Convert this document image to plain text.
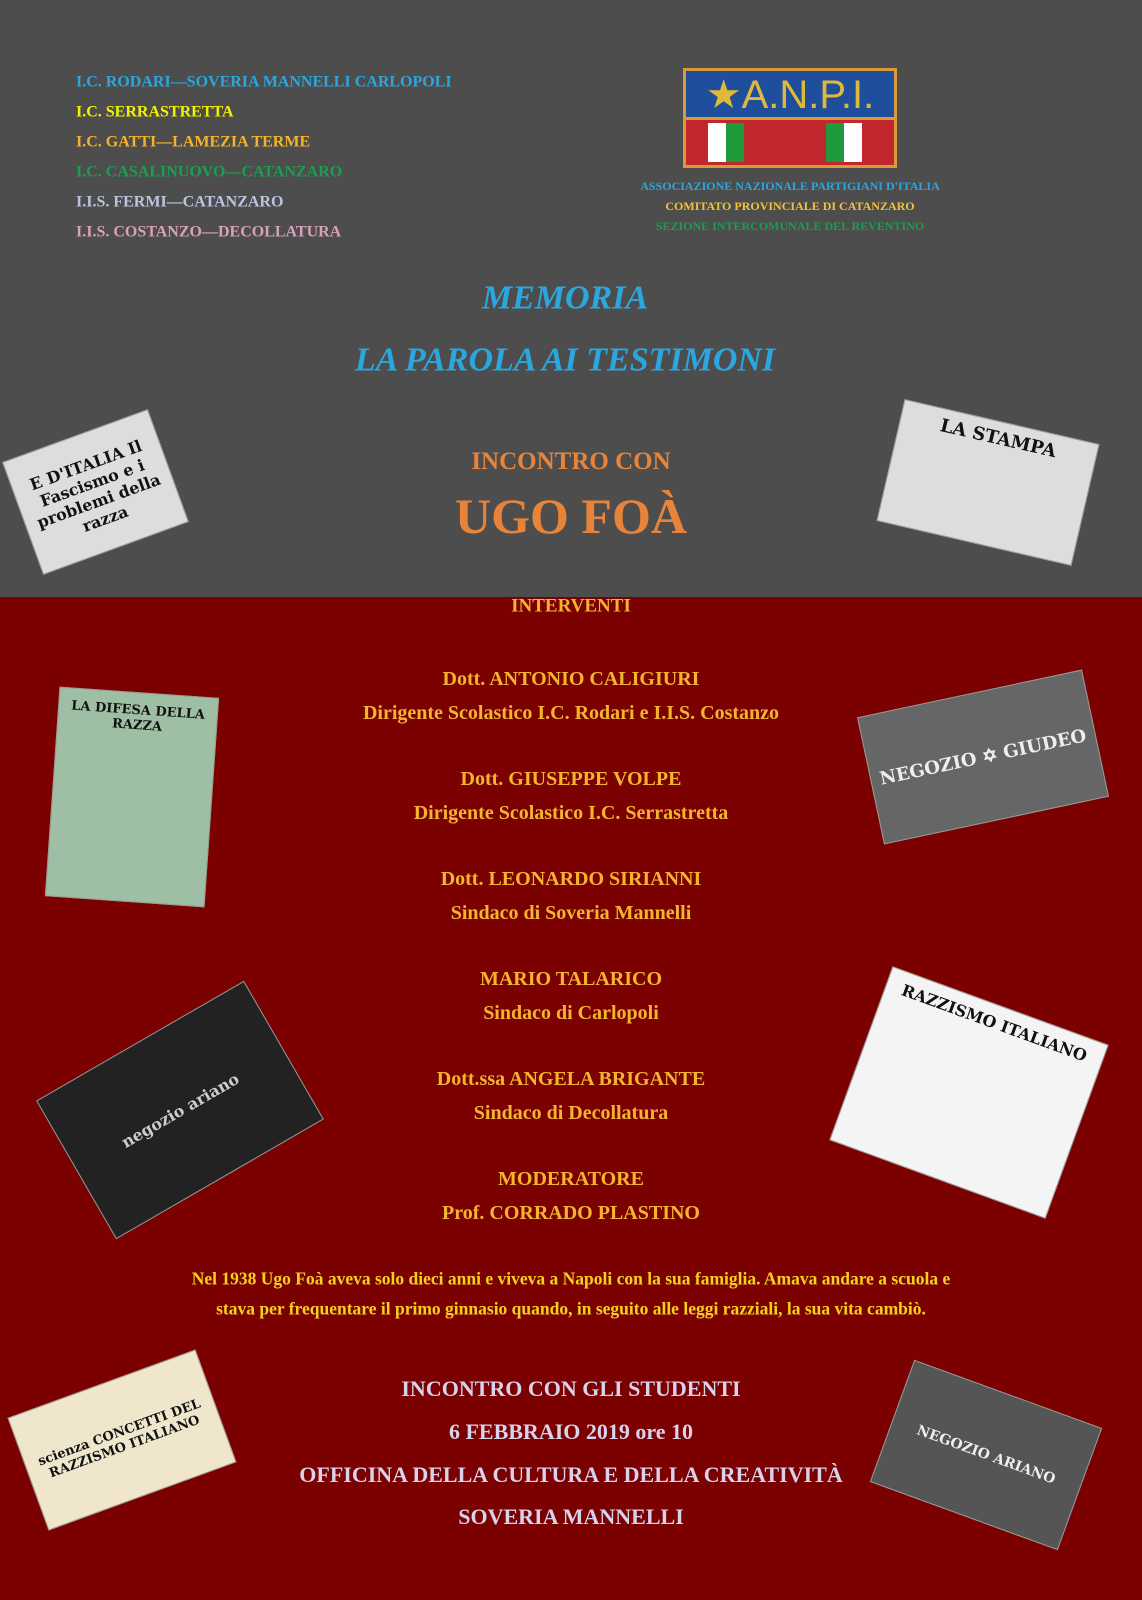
I.C. RODARI—SOVERIA MANNELLI CARLOPOLI
I.C. SERRASTRETTA
I.C. GATTI—LAMEZIA TERME
I.C. CASALINUOVO—CATANZARO
I.I.S. FERMI—CATANZARO
I.I.S. COSTANZO—DECOLLATURA
★A.N.P.I.
ASSOCIAZIONE NAZIONALE PARTIGIANI D'ITALIA
COMITATO PROVINCIALE DI CATANZARO
SEZIONE INTERCOMUNALE DEL REVENTINO
MEMORIA
LA PAROLA AI TESTIMONI
INCONTRO CON
UGO FOÀ
E D'ITALIA Il Fascismo e i problemi della razza
LA STAMPA
LA DIFESA DELLA RAZZA	NEGOZIO ✡ GIUDEO
negozio ariano
RAZZISMO ITALIANO
scienza CONCETTI DEL RAZZISMO ITALIANO	NEGOZIO ARIANO
INTERVENTI
Dott. ANTONIO CALIGIURI
Dirigente Scolastico I.C. Rodari e I.I.S. Costanzo
Dott. GIUSEPPE VOLPE
Dirigente Scolastico I.C. Serrastretta
Dott. LEONARDO SIRIANNI
Sindaco di Soveria Mannelli
MARIO TALARICO
Sindaco di Carlopoli
Dott.ssa ANGELA BRIGANTE
Sindaco di Decollatura
MODERATORE
Prof. CORRADO PLASTINO
Nel 1938 Ugo Foà aveva solo dieci anni e viveva a Napoli con la sua famiglia. Amava andare a scuola e
stava per frequentare il primo ginnasio quando, in seguito alle leggi razziali, la sua vita cambiò.
INCONTRO CON GLI STUDENTI
6 FEBBRAIO 2019 ore 10
OFFICINA DELLA CULTURA E DELLA CREATIVITÀ
SOVERIA MANNELLI
